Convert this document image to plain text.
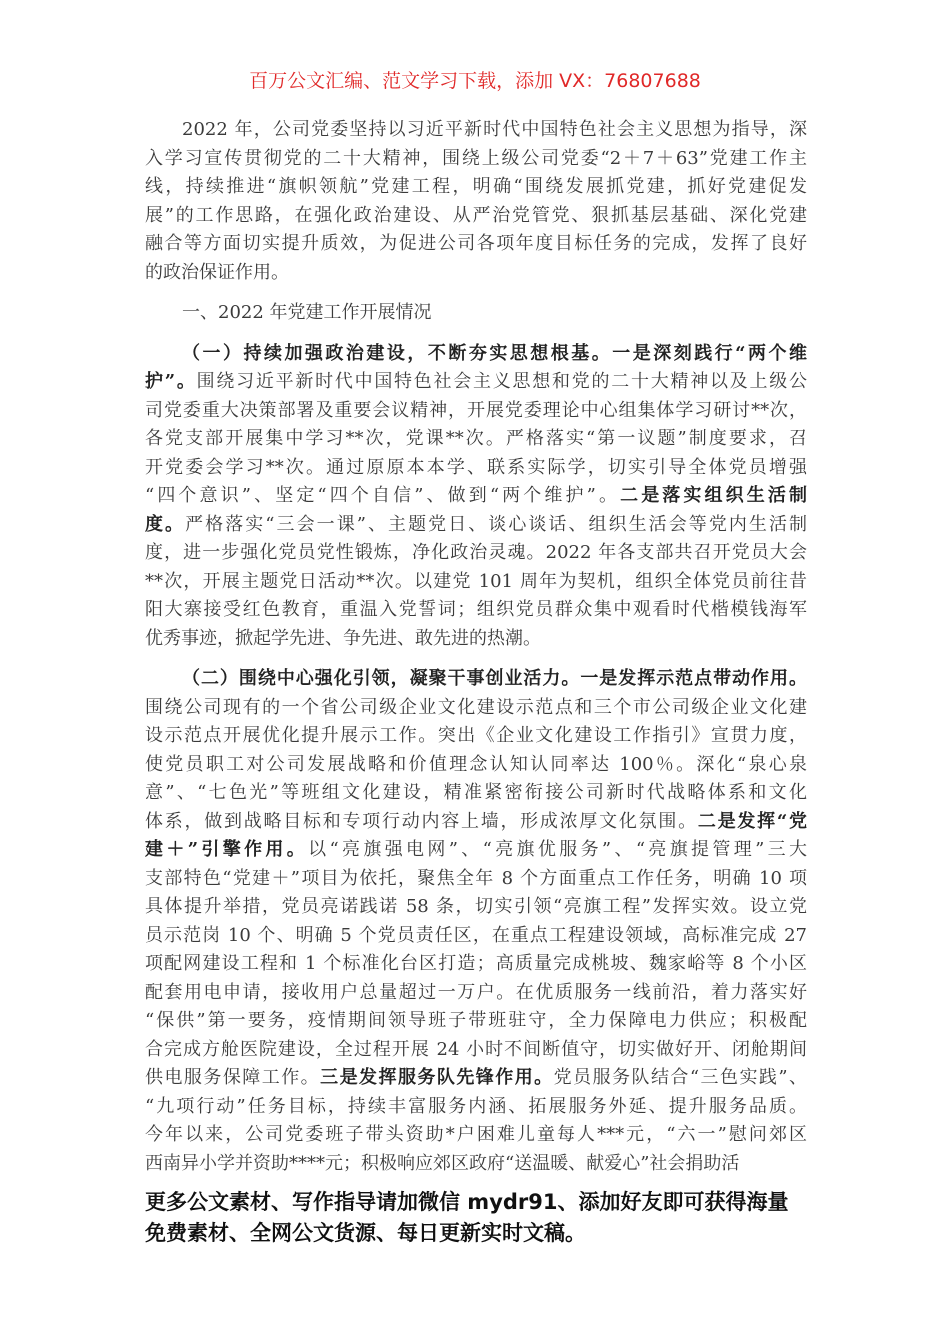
百万公文汇编、范文学习下载，添加 VX：76807688
2022 年，公司党委坚持以习近平新时代中国特色社会主义思想为指导，深
入学习宣传贯彻党的二十大精神，围绕上级公司党委“2＋7＋63”党建工作主
线，持续推进“旗帜领航”党建工程，明确“围绕发展抓党建，抓好党建促发
展”的工作思路，在强化政治建设、从严治党管党、狠抓基层基础、深化党建
融合等方面切实提升质效，为促进公司各项年度目标任务的完成，发挥了良好
的政治保证作用。
一、2022 年党建工作开展情况
（一）持续加强政治建设，不断夯实思想根基。一是深刻践行“两个维
护”。围绕习近平新时代中国特色社会主义思想和党的二十大精神以及上级公
司党委重大决策部署及重要会议精神，开展党委理论中心组集体学习研讨**次，
各党支部开展集中学习**次，党课**次。严格落实“第一议题”制度要求，召
开党委会学习**次。通过原原本本学、联系实际学，切实引导全体党员增强
“四个意识”、坚定“四个自信”、做到“两个维护”。二是落实组织生活制
度。严格落实“三会一课”、主题党日、谈心谈话、组织生活会等党内生活制
度，进一步强化党员党性锻炼，净化政治灵魂。2022 年各支部共召开党员大会
**次，开展主题党日活动**次。以建党 101 周年为契机，组织全体党员前往昔
阳大寨接受红色教育，重温入党誓词；组织党员群众集中观看时代楷模钱海军
优秀事迹，掀起学先进、争先进、敢先进的热潮。
（二）围绕中心强化引领，凝聚干事创业活力。一是发挥示范点带动作用。
围绕公司现有的一个省公司级企业文化建设示范点和三个市公司级企业文化建
设示范点开展优化提升展示工作。突出《企业文化建设工作指引》宣贯力度，
使党员职工对公司发展战略和价值理念认知认同率达 100％。深化“泉心泉
意”、“七色光”等班组文化建设，精准紧密衔接公司新时代战略体系和文化
体系，做到战略目标和专项行动内容上墙，形成浓厚文化氛围。二是发挥“党
建＋”引擎作用。以“亮旗强电网”、“亮旗优服务”、“亮旗提管理”三大
支部特色“党建＋”项目为依托，聚焦全年 8 个方面重点工作任务，明确 10 项
具体提升举措，党员亮诺践诺 58 条，切实引领“亮旗工程”发挥实效。设立党
员示范岗 10 个、明确 5 个党员责任区，在重点工程建设领域，高标准完成 27
项配网建设工程和 1 个标准化台区打造；高质量完成桃坡、魏家峪等 8 个小区
配套用电申请，接收用户总量超过一万户。在优质服务一线前沿，着力落实好
“保供”第一要务，疫情期间领导班子带班驻守，全力保障电力供应；积极配
合完成方舱医院建设，全过程开展 24 小时不间断值守，切实做好开、闭舱期间
供电服务保障工作。三是发挥服务队先锋作用。党员服务队结合“三色实践”、
“九项行动”任务目标，持续丰富服务内涵、拓展服务外延、提升服务品质。
今年以来，公司党委班子带头资助*户困难儿童每人***元，“六一”慰问郊区
西南异小学并资助****元；积极响应郊区政府“送温暖、献爱心”社会捐助活
更多公文素材、写作指导请加微信 mydr91、添加好友即可获得海量
免费素材、全网公文货源、每日更新实时文稿。
